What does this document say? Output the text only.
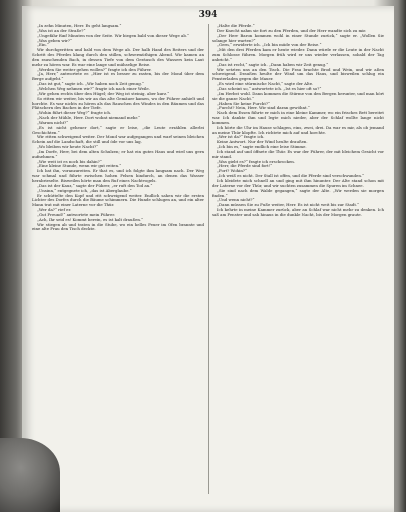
394

„In zehn Minuten, Herr. Es geht langsam.“

„Was ist an der Straße?“

„Ungefähr fünf Minuten von der Seite. Wir biegen bald von dieser Wege ab.“

„Was geben wir?“

„Ein.“

Wir durchgeritten und bald von dem Wege ab. Der halb Hand des Reiters und der Schritt des Pferdes klang durch den stillen, schwermüthigen Abend. Wir kamen an den rauschenden Bach, in dessen Tiefe von dem Geräusch des Wassers kein Laut mehr zu hören war. Es war eine lange und mühselige Reise.

„Werden Sie weiter gehen wollen?“ fragte ich den Führer.

„Ja, Herr,“ antwortete er. „Hier ist es besser zu rasten, bis der Mond über dem Berge aufgeht.“

„Das ist gut,“ sagte ich. „Wir haben noch Zeit genug.“

„Welchen Weg nehmen wir?“ fragte ich nach einer Weile.

„Wir gehen rechts über den Hügel; der Weg ist steinig, aber kurz.“

So ritten wir weiter, bis wir an das alte Gemäuer kamen, wo der Führer anhielt und horchte. Es war nichts zu hören als das Rauschen des Windes in den Bäumen und das Plätschern des Baches in der Tiefe.

„Wohin führt dieser Weg?“ fragte ich.

„Nach der Mühle, Herr. Dort wohnt niemand mehr.“

„Warum nicht?“

„Es ist nicht geheuer dort,“ sagte er leise, „die Leute erzählen allerlei Geschichten.“

Wir ritten schweigend weiter. Der Mond war aufgegangen und warf seinen bleichen Schein auf die Landschaft, die still und öde vor uns lag.

„Wo bleiben wir heute Nacht?“

„Im Dorfe, Herr, bei dem alten Schulzen; er hat ein gutes Haus und wird uns gern aufnehmen.“

„Wie weit ist es noch bis dahin?“

„Eine kleine Stunde, wenn wir gut reiten.“

Ich bat ihn, voranzureiten. Er that es, und ich folgte ihm langsam nach. Der Weg war schmal und führte zwischen hohen Felsen hindurch, an denen das Wasser herabrieselte. Bisweilen hörte man den Ruf eines Nachtvogels.

„Das ist der Kauz,“ sagte der Führer, „er ruft den Tod an.“

„Unsinn,“ entgegnete ich, „das ist Aberglaube.“

Er schüttelte den Kopf und ritt schweigend weiter. Endlich sahen wir die ersten Lichter des Dorfes durch die Bäume schimmern. Die Hunde schlugen an, und ein alter Mann trat mit einer Laterne vor die Thür.

„Wer da?“ rief er.

„Gut Freund!“ antwortete mein Führer.

„Ach, Ihr seid es! Kommt herein, es ist kalt draußen.“

Wir stiegen ab und traten in die Stube, wo ein helles Feuer im Ofen brannte und eine alte Frau den Tisch deckte.

„Halte die Pferde.“

Der Knecht nahm sie fort zu den Pferden, und der Herr wandte sich zu mir.

„Der Herr Baron kommen wohl in einer Stunde zurück,“ sagte er. „Wollen Sie solange hier warten?“

„Gern,“ erwiderte ich. „Ich bin müde von der Reise.“

„Mit den drei Pferden kam er heute wieder. Dann würde er die Leute in der Nacht zum Schlosse führen. Morgen früh wird er uns wieder verlassen, sobald der Tag anbricht.“

„Das ist recht,“ sagte ich. „Dann haben wir Zeit genug.“

Wir setzten uns an den Tisch. Die Frau brachte Brod und Wein, und wir aßen schweigend. Draußen heulte der Wind um das Haus, und bisweilen schlug ein Fensterladen gegen die Mauer.

„Es wird eine stürmische Nacht,“ sagte der Alte.

„Das scheint so,“ antwortete ich. „Ist es hier oft so?“

„Im Herbst wohl. Dann kommen die Stürme von den Bergen herunter, und man hört sie die ganze Nacht.“

„Haben Sie keine Furcht?“

„Furcht? Nein, Herr. Wir sind daran gewöhnt.“

Nach dem Essen führte er mich in eine kleine Kammer, wo ein frisches Bett bereitet war. Ich dankte ihm und legte mich nieder, aber der Schlaf wollte lange nicht kommen.

Ich hörte die Uhr im Hause schlagen, eins, zwei, drei. Da war es mir, als ob jemand an meine Thür klopfte. Ich richtete mich auf und horchte.

„Wer ist da?“ fragte ich.

Keine Antwort. Nur der Wind heulte draußen.

„Ich bin es,“ sagte endlich eine leise Stimme.

Ich stand auf und öffnete die Thür. Es war der Führer, der mit bleichem Gesicht vor mir stand.

„Was giebt es?“ fragte ich erschrocken.

„Herr, die Pferde sind fort!“

„Fort? Wohin?“

„Ich weiß es nicht. Der Stall ist offen, und die Pferde sind verschwunden.“

Ich kleidete mich schnell an und ging mit ihm hinunter. Der Alte stand schon mit der Laterne vor der Thür, und wir suchten zusammen die Spuren im Schnee.

„Sie sind nach dem Walde gegangen,“ sagte der Alte. „Wir werden sie morgen finden.“

„Und wenn nicht?“

„Dann müssen Sie zu Fuße weiter, Herr. Es ist nicht weit bis zur Stadt.“

Ich kehrte in meine Kammer zurück, aber an Schlaf war nicht mehr zu denken. Ich saß am Fenster und sah hinaus in die dunkle Nacht, bis der Morgen graute.
